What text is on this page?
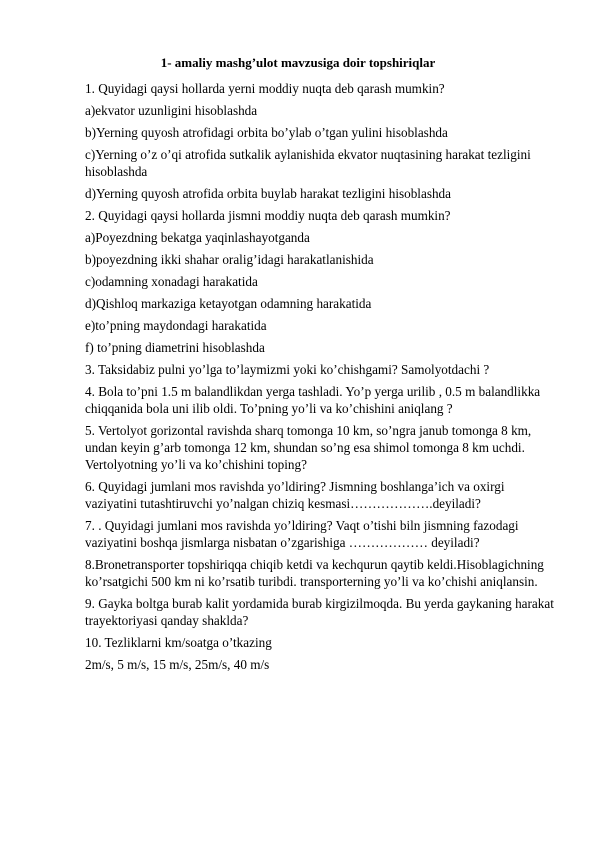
1- amaliy mashg’ulot mavzusiga doir topshiriqlar

1. Quyidagi qaysi hollarda yerni moddiy nuqta deb qarash mumkin?

a)ekvator uzunligini hisoblashda

b)Yerning quyosh atrofidagi orbita bo’ylab o’tgan yulini hisoblashda

c)Yerning o’z o’qi atrofida sutkalik aylanishida ekvator nuqtasining harakat tezligini hisoblashda

d)Yerning quyosh atrofida orbita buylab harakat tezligini hisoblashda

2. Quyidagi qaysi hollarda jismni moddiy nuqta deb qarash mumkin?

a)Poyezdning bekatga yaqinlashayotganda

b)poyezdning ikki shahar oralig’idagi harakatlanishida

c)odamning xonadagi harakatida

d)Qishloq markaziga ketayotgan odamning harakatida

e)to’pning maydondagi harakatida

f) to’pning diametrini hisoblashda

3. Taksidabiz pulni yo’lga to’laymizmi yoki ko’chishgami? Samolyotdachi ?

4. Bola to’pni 1.5 m balandlikdan yerga tashladi. Yo’p yerga urilib , 0.5 m balandlikka chiqqanida bola uni ilib oldi. To’pning yo’li va ko’chishini aniqlang ?

5. Vertolyot gorizontal ravishda sharq tomonga 10 km, so’ngra janub tomonga 8 km, undan keyin g’arb tomonga 12 km, shundan so’ng esa shimol tomonga 8 km uchdi. Vertolyotning yo’li va ko’chishini toping?

6. Quyidagi jumlani mos ravishda yo’ldiring? Jismning boshlanga’ich va oxirgi vaziyatini tutashtiruvchi yo’nalgan chiziq kesmasi……………….deyiladi?

7. . Quyidagi jumlani mos ravishda yo’ldiring? Vaqt o’tishi biln jismning fazodagi vaziyatini boshqa jismlarga nisbatan o’zgarishiga ……………… deyiladi?

8.Bronetransporter topshiriqqa chiqib ketdi va kechqurun qaytib keldi.Hisoblagichning ko’rsatgichi 500 km ni ko’rsatib turibdi. transporterning yo’li va ko’chishi aniqlansin.

9. Gayka boltga burab kalit yordamida burab kirgizilmoqda. Bu yerda gaykaning harakat trayektoriyasi qanday shaklda?

10. Tezliklarni km/soatga o’tkazing

2m/s, 5 m/s, 15 m/s, 25m/s, 40 m/s
